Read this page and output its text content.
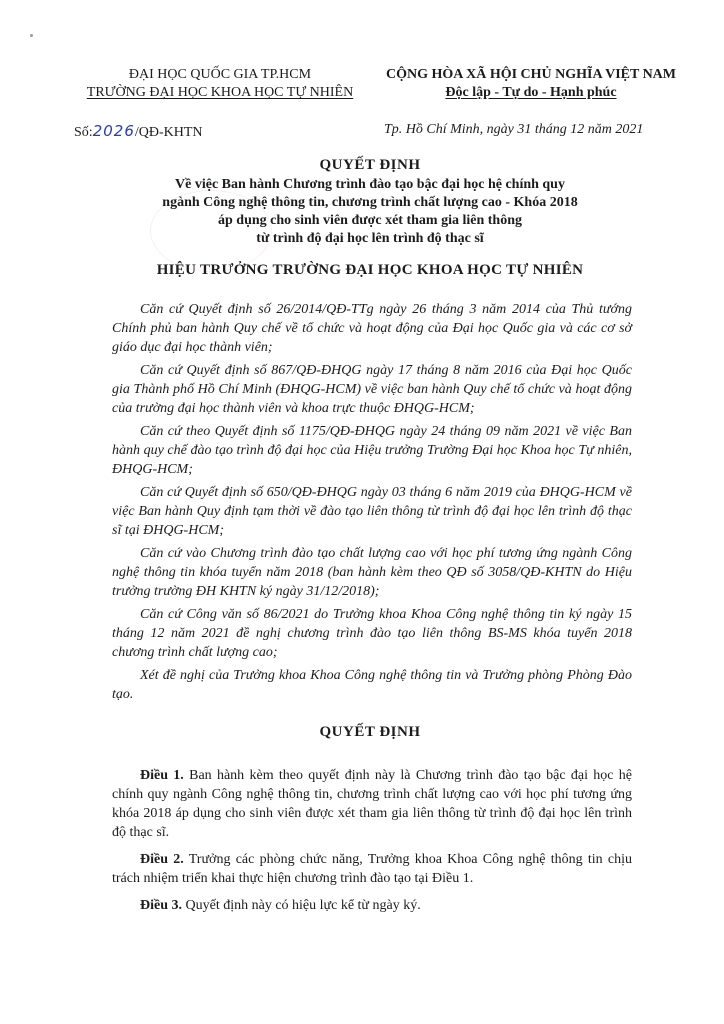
ĐẠI HỌC QUỐC GIA TP.HCM
TRƯỜNG ĐẠI HỌC KHOA HỌC TỰ NHIÊN
CỘNG HÒA XÃ HỘI CHỦ NGHĨA VIỆT NAM
Độc lập - Tự do - Hạnh phúc
Số:2026/QĐ-KHTN	Tp. Hồ Chí Minh, ngày 31 tháng 12 năm 2021
QUYẾT ĐỊNH
Về việc Ban hành Chương trình đào tạo bậc đại học hệ chính quy
ngành Công nghệ thông tin, chương trình chất lượng cao - Khóa 2018
áp dụng cho sinh viên được xét tham gia liên thông
từ trình độ đại học lên trình độ thạc sĩ
HIỆU TRƯỞNG TRƯỜNG ĐẠI HỌC KHOA HỌC TỰ NHIÊN

Căn cứ Quyết định số 26/2014/QĐ-TTg ngày 26 tháng 3 năm 2014 của Thủ tướng Chính phủ ban hành Quy chế về tổ chức và hoạt động của Đại học Quốc gia và các cơ sở giáo dục đại học thành viên;

Căn cứ Quyết định số 867/QĐ-ĐHQG ngày 17 tháng 8 năm 2016 của Đại học Quốc gia Thành phố Hồ Chí Minh (ĐHQG-HCM) về việc ban hành Quy chế tổ chức và hoạt động của trường đại học thành viên và khoa trực thuộc ĐHQG-HCM;

Căn cứ theo Quyết định số 1175/QĐ-ĐHQG ngày 24 tháng 09 năm 2021 về việc Ban hành quy chế đào tạo trình độ đại học của Hiệu trưởng Trường Đại học Khoa học Tự nhiên, ĐHQG-HCM;

Căn cứ Quyết định số 650/QĐ-ĐHQG ngày 03 tháng 6 năm 2019 của ĐHQG-HCM về việc Ban hành Quy định tạm thời về đào tạo liên thông từ trình độ đại học lên trình độ thạc sĩ tại ĐHQG-HCM;

Căn cứ vào Chương trình đào tạo chất lượng cao với học phí tương ứng ngành Công nghệ thông tin khóa tuyển năm 2018 (ban hành kèm theo QĐ số 3058/QĐ-KHTN do Hiệu trưởng trường ĐH KHTN ký ngày 31/12/2018);

Căn cứ Công văn số 86/2021 do Trưởng khoa Khoa Công nghệ thông tin ký ngày 15 tháng 12 năm 2021 đề nghị chương trình đào tạo liên thông BS-MS khóa tuyển 2018 chương trình chất lượng cao;

Xét đề nghị của Trưởng khoa Khoa Công nghệ thông tin và Trưởng phòng Phòng Đào tạo.

QUYẾT ĐỊNH

Điều 1. Ban hành kèm theo quyết định này là Chương trình đào tạo bậc đại học hệ chính quy ngành Công nghệ thông tin, chương trình chất lượng cao với học phí tương ứng khóa 2018 áp dụng cho sinh viên được xét tham gia liên thông từ trình độ đại học lên trình độ thạc sĩ.

Điều 2. Trưởng các phòng chức năng, Trưởng khoa Khoa Công nghệ thông tin chịu trách nhiệm triển khai thực hiện chương trình đào tạo tại Điều 1.

Điều 3. Quyết định này có hiệu lực kể từ ngày ký.
